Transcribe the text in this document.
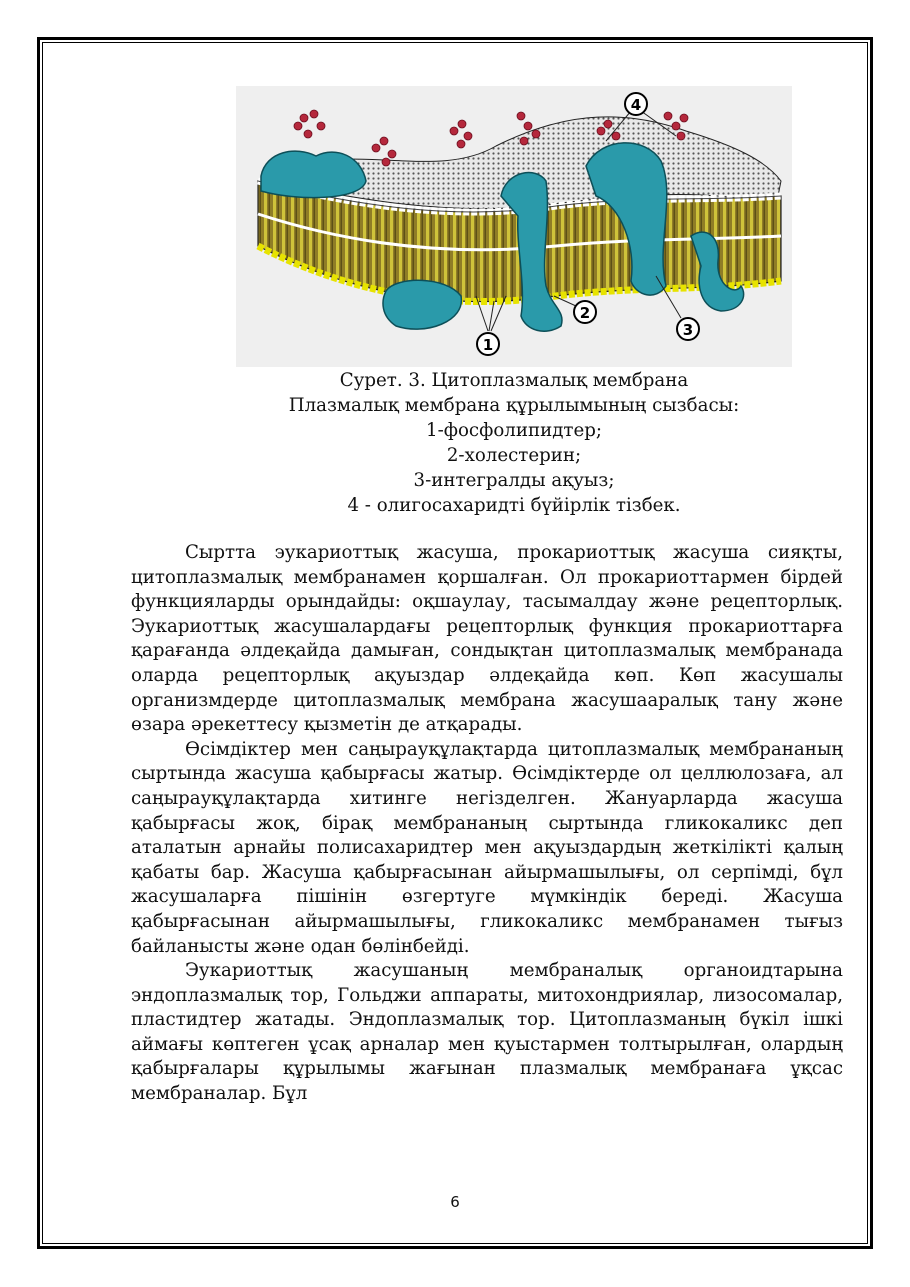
1
2
3
4
Сурет. 3. Цитоплазмалық мембрана
Плазмалық мембрана құрылымының сызбасы:
1-фосфолипидтер;
2-холестерин;
3-интегралды ақуыз;
4 - олигосахаридті бүйірлік тізбек.

Сыртта эукариоттық жасуша, прокариоттық жасуша сияқты, цитоплазмалық мембранамен қоршалған. Ол прокариоттармен бірдей функцияларды орындайды: оқшаулау, тасымалдау және рецепторлық. Эукариоттық жасушалардағы рецепторлық функция прокариоттарға қарағанда әлдеқайда дамыған, сондықтан цитоплазмалық мембранада оларда рецепторлық ақуыздар әлдеқайда көп. Көп жасушалы организмдерде цитоплазмалық мембрана жасушааралық тану және өзара әрекеттесу қызметін де атқарады.

Өсімдіктер мен саңырауқұлақтарда цитоплазмалық мембрананың сыртында жасуша қабырғасы жатыр. Өсімдіктерде ол целлюлозаға, ал саңырауқұлақтарда хитинге негізделген. Жануарларда жасуша қабырғасы жоқ, бірақ мембрананың сыртында гликокаликс деп аталатын арнайы полисахаридтер мен ақуыздардың жеткілікті қалың қабаты бар. Жасуша қабырғасынан айырмашылығы, ол серпімді, бұл жасушаларға пішінін өзгертуге мүмкіндік береді. Жасуша қабырғасынан айырмашылығы, гликокаликс мембранамен тығыз байланысты және одан бөлінбейді.

Эукариоттық жасушаның мембраналық органоидтарына эндоплазмалық тор, Гольджи аппараты, митохондриялар, лизосомалар, пластидтер жатады. Эндоплазмалық тор. Цитоплазманың бүкіл ішкі аймағы көптеген ұсақ арналар мен қуыстармен толтырылған, олардың қабырғалары құрылымы жағынан плазмалық мембранаға ұқсас мембраналар. Бұл

6
